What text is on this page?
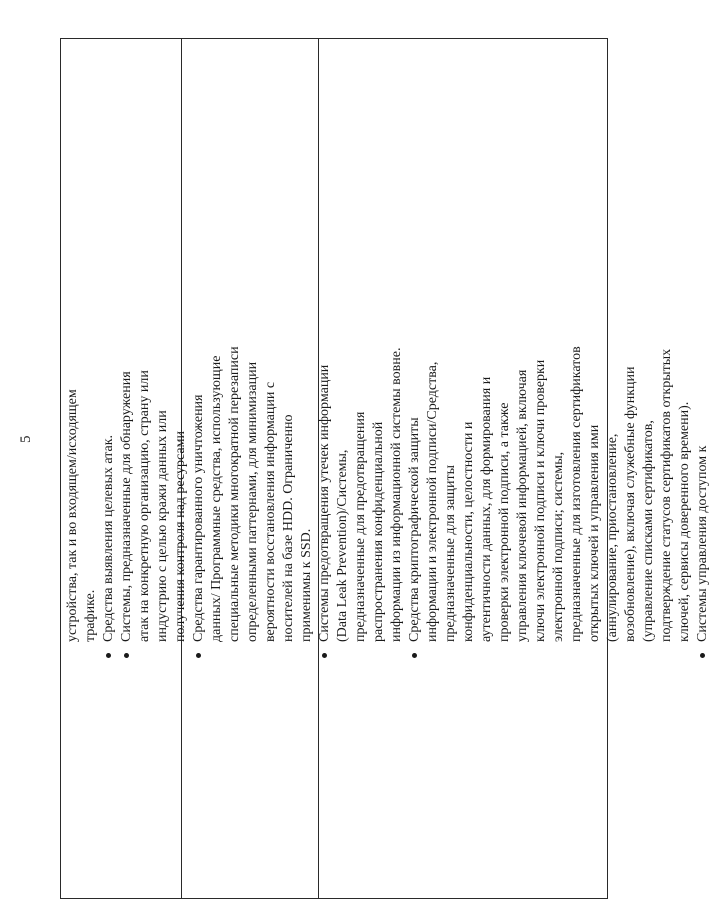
5 устройства, так и во входящем/исходящем трафике. Средства выявления целевых атак. Системы, предназначенные для обнаружения атак на конкретную организацию, страну или индустрию с целью кражи данных или получения контроля над ресурсами Средства гарантированного уничтожения данных/ Программные средства, использующие специальные методики многократной перезаписи определенными паттернами, для минимизации вероятности восстановления информации с носителей на базе HDD. Ограниченно применимы к SSD. Системы предотвращения утечек информации (Data Leak Prevention)/Системы, предназначенные для предотвращения распространения конфиденциальной информации из информационной системы вовне. Средства криптографической защиты информации и электронной подписи/Средства, предназначенные для защиты конфиденциальности, целостности и аутентичности данных, для формирования и проверки электронной подписи, а также управления ключевой информацией, включая ключи электронной подписи и ключи проверки электронной подписи; системы, предназначенные для изготовления сертификатов открытых ключей и управления ими (аннулирование, приостановление, возобновление), включая служебные функции (управление списками сертификатов, подтверждение статусов сертификатов открытых ключей, сервисы доверенного времени). Системы управления доступом к
